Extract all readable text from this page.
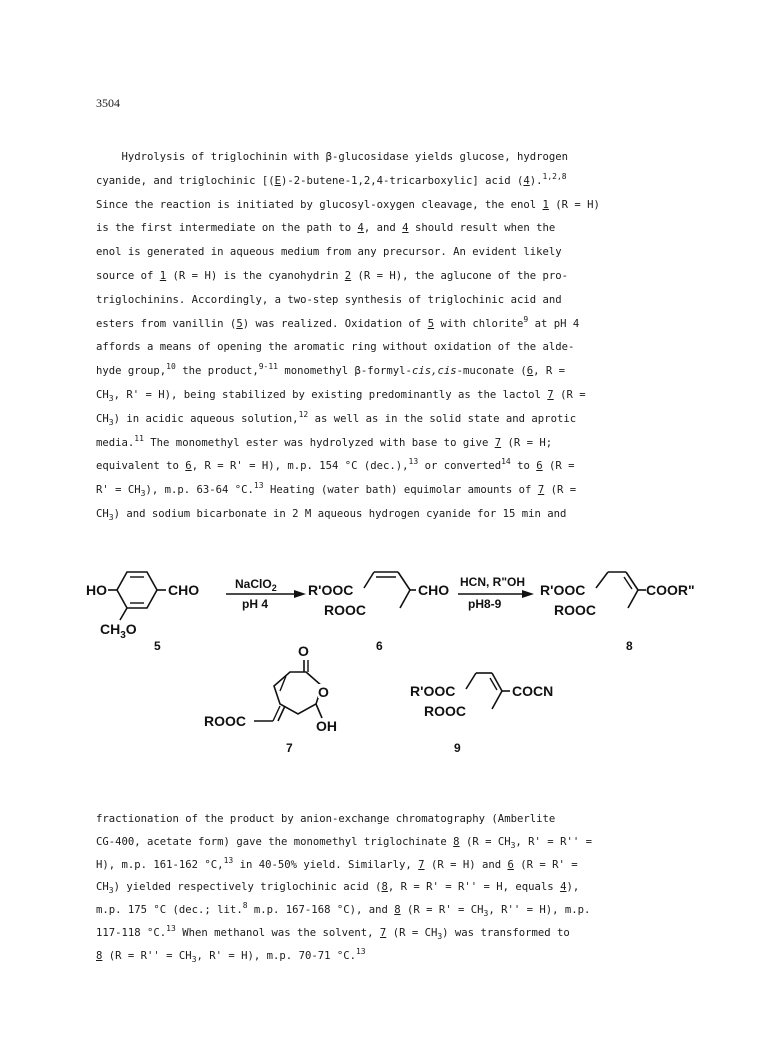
3504
Hydrolysis of triglochinin with β-glucosidase yields glucose, hydrogen
cyanide, and triglochinic [(E)-2-butene-1,2,4-tricarboxylic] acid (4).$^{1,2,8}$
Since the reaction is initiated by glucosyl-oxygen cleavage, the enol 1 (R = H)
is the first intermediate on the path to 4, and 4 should result when the
enol is generated in aqueous medium from any precursor. An evident likely
source of 1 (R = H) is the cyanohydrin 2 (R = H), the aglucone of the pro-
triglochinins. Accordingly, a two-step synthesis of triglochinic acid and
esters from vanillin (5) was realized. Oxidation of 5 with chlorite$^9$ at pH 4
affords a means of opening the aromatic ring without oxidation of the alde-
hyde group,$^{10}$ the product,$^{9-11}$ monomethyl β-formyl-cis,cis-muconate (6, R =
$CH_3$, R' = H), being stabilized by existing predominantly as the lactol 7 (R =
$CH_3$) in acidic aqueous solution,$^{12}$ as well as in the solid state and aprotic
media.$^{11}$ The monomethyl ester was hydrolyzed with base to give 7 (R = H;
equivalent to 6, R = R' = H), m.p. 154 °C (dec.),$^{13}$ or converted$^{14}$ to 6 (R =
$R' = CH_3$), m.p. 63-64 °C.$^{13}$ Heating (water bath) equimolar amounts of 7 (R =
$CH_3$) and sodium bicarbonate in 2 M aqueous hydrogen cyanide for 15 min and
HO	CHO
$CH_3O$
5
NaClO$_2$
pH 4
R'OOC	CHO
ROOC
6
HCN, R"OH
pH8-9
R'OOC	COOR"
ROOC
8
O
O
ROOC	OH
7
R'OOC	COCN
ROOC
9
fractionation of the product by anion-exchange chromatography (Amberlite
CG-400, acetate form) gave the monomethyl triglochinate 8 ($R = CH_3$, R' = R'' =
H), m.p. 161-162 °C,$^{13}$ in 40-50% yield. Similarly, 7 (R = H) and 6 (R = R' =
$CH_3$) yielded respectively triglochinic acid (8, R = R' = R'' = H, equals 4),
m.p. 175 °C (dec.; lit.$^8$ m.p. 167-168 °C), and 8 ($R = R' = CH_3$, R'' = H), m.p.
117-118 °C.$^{13}$ When methanol was the solvent, 7 $(R = CH_3)$ was transformed to
8 ($R = R'' = CH_3$, R' = H), m.p. 70-71 °C.$^{13}$
